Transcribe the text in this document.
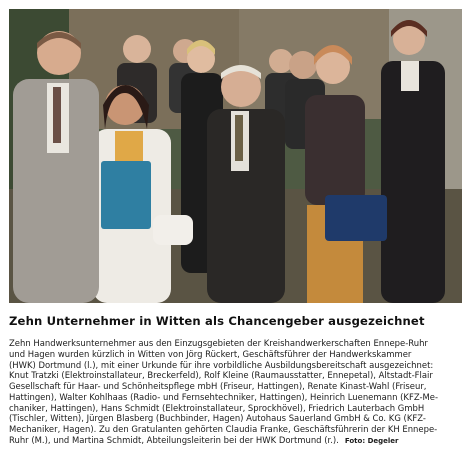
Zehn Unternehmer in Witten als Chancengeber ausgezeichnet
Zehn Handwerksunternehmer aus den Einzugsgebieten der Kreishandwerkerschaften Ennepe-Ruhr
und Hagen wurden kürzlich in Witten von Jörg Rückert, Geschäftsführer der Handwerkskammer
(HWK) Dortmund (l.), mit einer Urkunde für ihre vorbildliche Ausbildungsbereitschaft ausgezeichnet:
Knut Tratzki (Elektroinstallateur, Breckerfeld), Rolf Kleine (Raumausstatter, Ennepetal), Altstadt-Flair
Gesellschaft für Haar- und Schönheitspflege mbH (Friseur, Hattingen), Renate Kinast-Wahl (Friseur,
Hattingen), Walter Kohlhaas (Radio- und Fernsehtechniker, Hattingen), Heinrich Luenemann (KFZ-Me-
chaniker, Hattingen), Hans Schmidt (Elektroinstallateur, Sprockhövel), Friedrich Lauterbach GmbH
(Tischler, Witten), Jürgen Blasberg (Buchbinder, Hagen) Autohaus Sauerland GmbH & Co. KG (KFZ-
Mechaniker, Hagen). Zu den Gratulanten gehörten Claudia Franke, Geschäftsführerin der KH Ennepe-
Ruhr (M.), und Martina Schmidt, Abteilungsleiterin bei der HWK Dortmund (r.). Foto: Degeler
